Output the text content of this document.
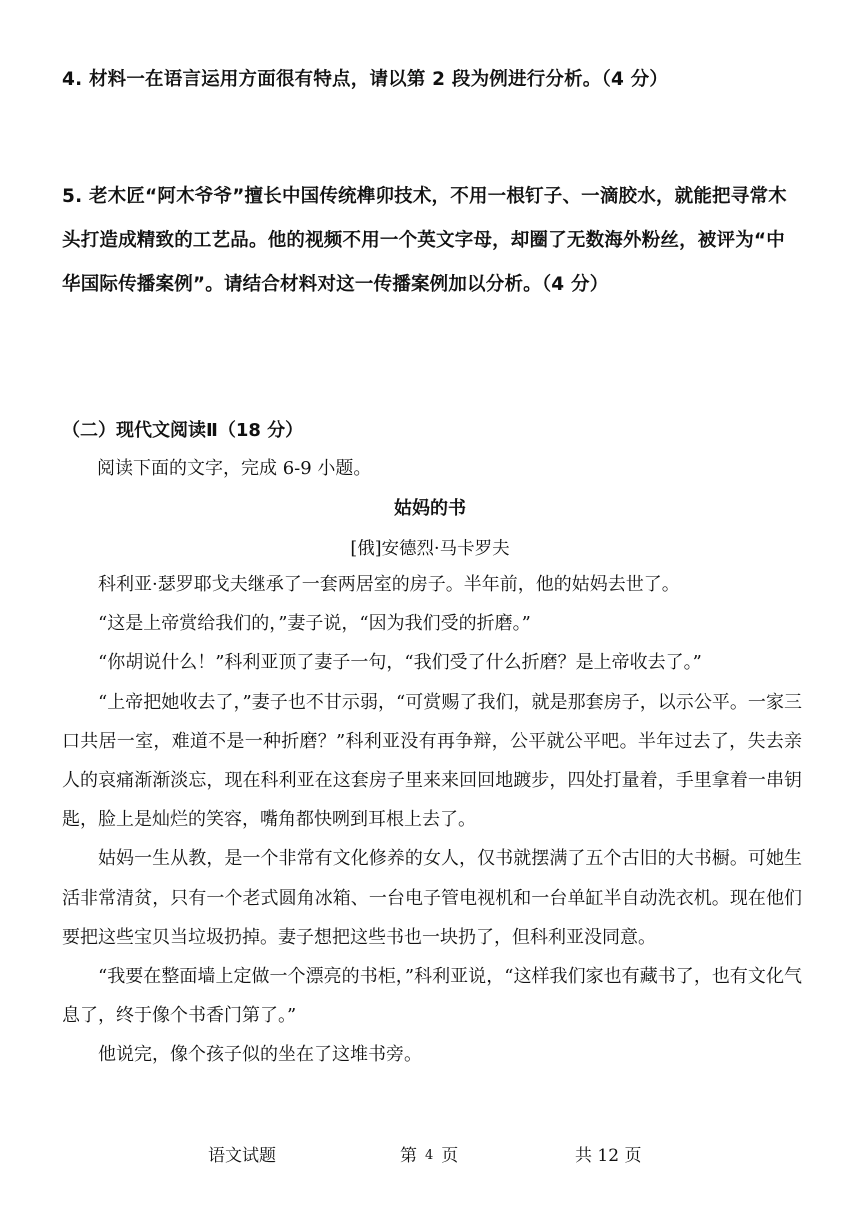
4. 材料一在语言运用方面很有特点，请以第 2 段为例进行分析。（4 分）

5. 老木匠“阿木爷爷”擅长中国传统榫卯技术，不用一根钉子、一滴胶水，就能把寻常木头打造成精致的工艺品。他的视频不用一个英文字母，却圈了无数海外粉丝，被评为“中华国际传播案例”。请结合材料对这一传播案例加以分析。（4 分）

（二）现代文阅读Ⅱ（18 分）

阅读下面的文字，完成 6-9 小题。

姑妈的书

[俄]安德烈·马卡罗夫

科利亚·瑟罗耶戈夫继承了一套两居室的房子。半年前，他的姑妈去世了。

“这是上帝赏给我们的，”妻子说，“因为我们受的折磨。”

“你胡说什么！”科利亚顶了妻子一句，“我们受了什么折磨？是上帝收去了。”

“上帝把她收去了，”妻子也不甘示弱，“可赏赐了我们，就是那套房子，以示公平。一家三口共居一室，难道不是一种折磨？”科利亚没有再争辩，公平就公平吧。半年过去了，失去亲人的哀痛渐渐淡忘，现在科利亚在这套房子里来来回回地踱步，四处打量着，手里拿着一串钥匙，脸上是灿烂的笑容，嘴角都快咧到耳根上去了。

姑妈一生从教，是一个非常有文化修养的女人，仅书就摆满了五个古旧的大书橱。可她生活非常清贫，只有一个老式圆角冰箱、一台电子管电视机和一台单缸半自动洗衣机。现在他们要把这些宝贝当垃圾扔掉。妻子想把这些书也一块扔了，但科利亚没同意。

“我要在整面墙上定做一个漂亮的书柜，”科利亚说，“这样我们家也有藏书了，也有文化气息了，终于像个书香门第了。”

他说完，像个孩子似的坐在了这堆书旁。

语文试题	第 4 页	共 12 页
